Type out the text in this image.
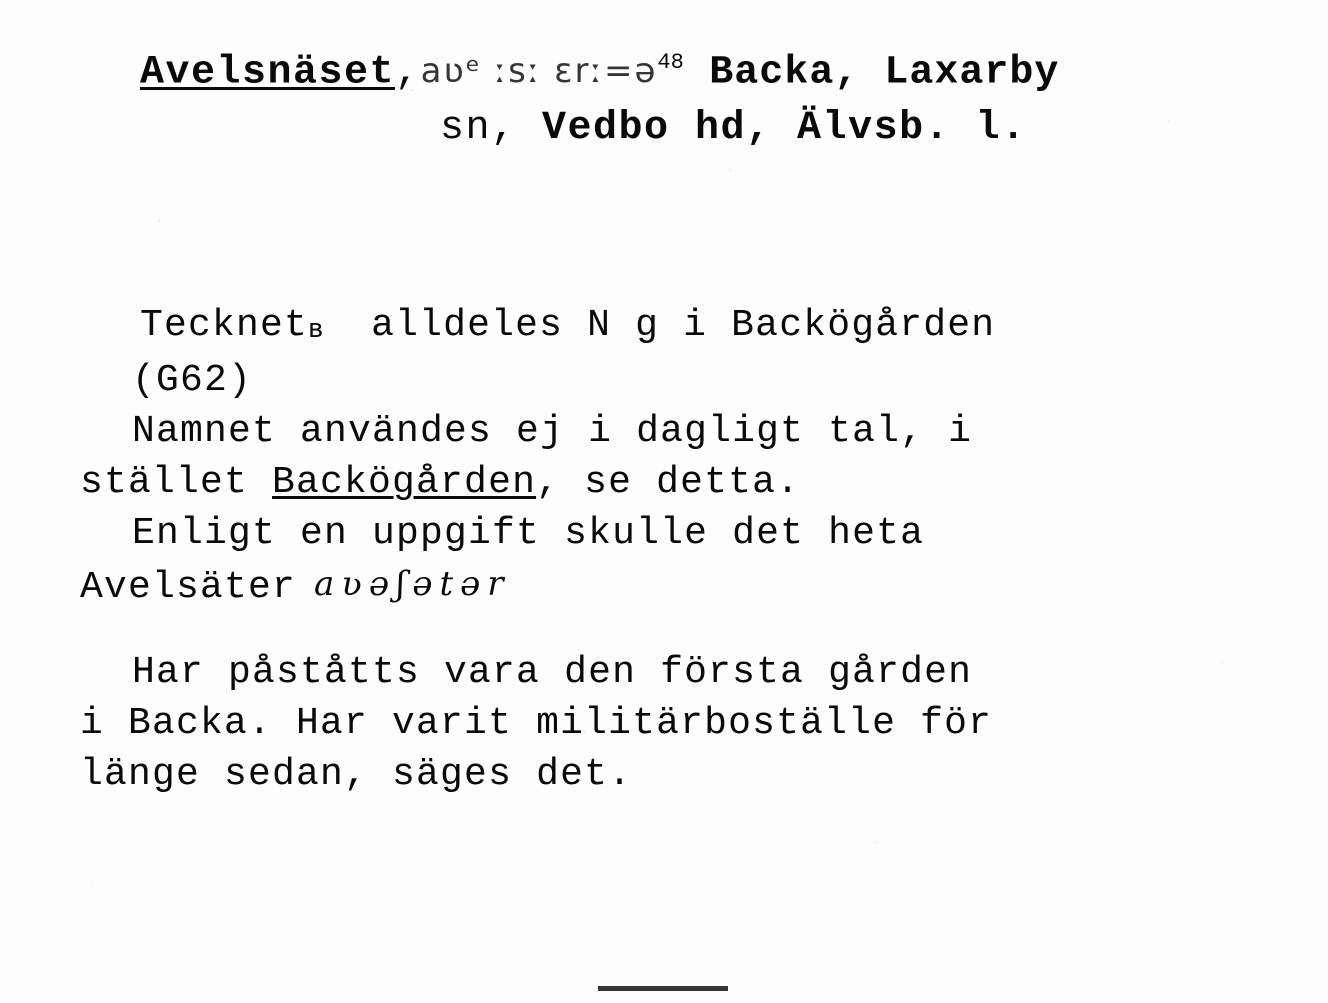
Avelsnäset,aʋᵉ ːsː ɛrː=ə$^{48}$ Backa, Laxarby
sn, Vedbo hd, Älvsb. l.
Tecknetʙ alldeles N g i Backögården
(G62)
Namnet användes ej i dagligt tal, i
stället Backögården, se detta.
Enligt en uppgift skulle det heta
Avelsäter aʋəʃətər
Har påståtts vara den första gården
i Backa. Har varit militärboställe för
länge sedan, säges det.
